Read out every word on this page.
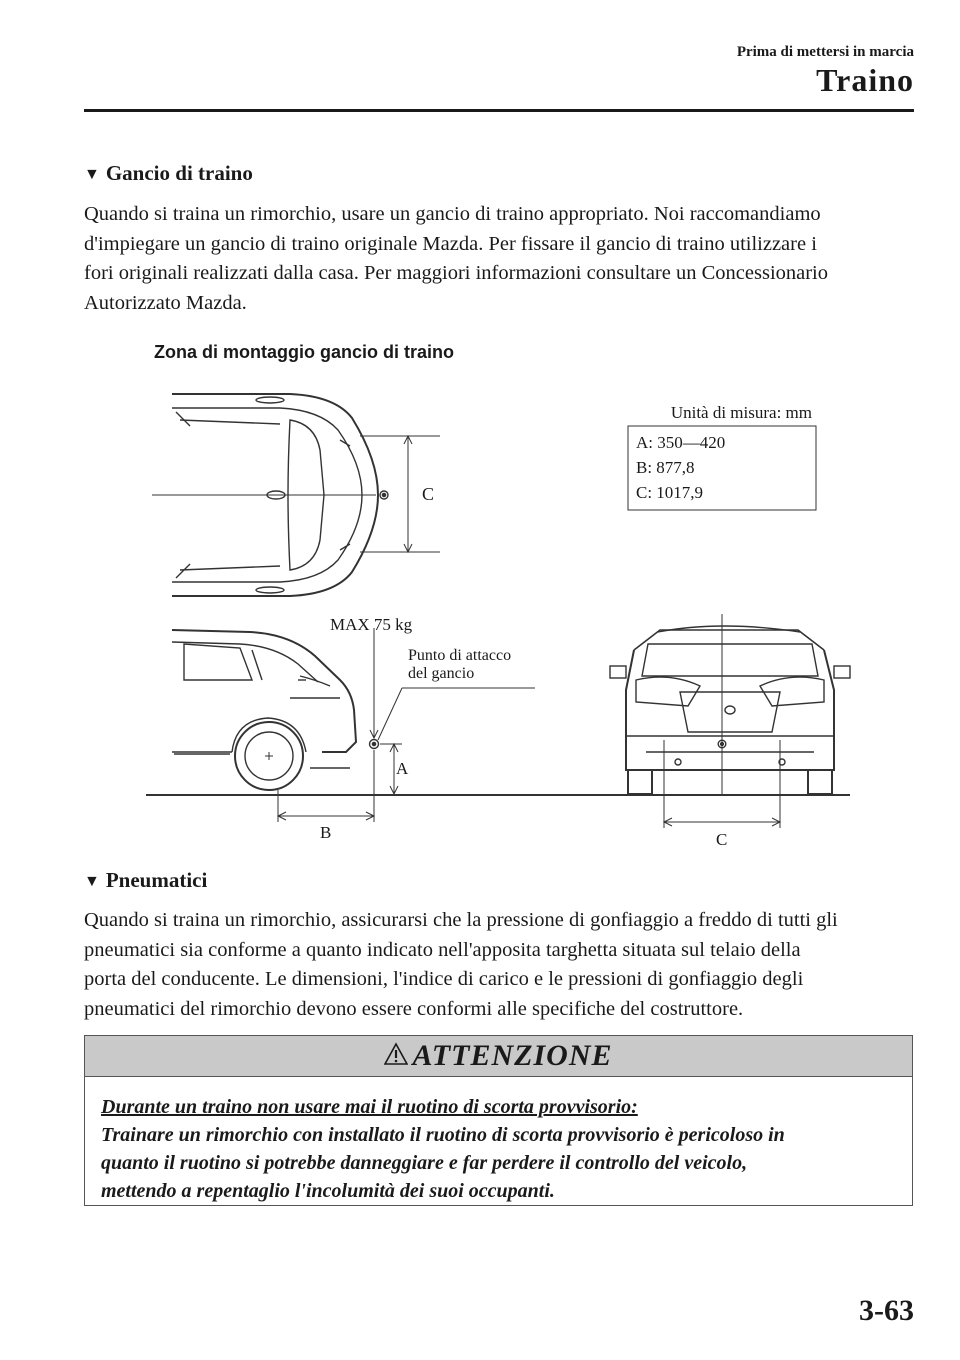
Prima di mettersi in marcia
Traino
▼ Gancio di traino
Quando si traina un rimorchio, usare un gancio di traino appropriato. Noi raccomandiamo
d'impiegare un gancio di traino originale Mazda. Per fissare il gancio di traino utilizzare i
fori originali realizzati dalla casa. Per maggiori informazioni consultare un Concessionario
Autorizzato Mazda.
Zona di montaggio gancio di traino
C
Unità di misura: mm
A: 350—420
B: 877,8
C: 1017,9
MAX 75 kg
Punto di attacco
del gancio
A
B	C
▼ Pneumatici
Quando si traina un rimorchio, assicurarsi che la pressione di gonfiaggio a freddo di tutti gli
pneumatici sia conforme a quanto indicato nell'apposita targhetta situata sul telaio della
porta del conducente. Le dimensioni, l'indice di carico e le pressioni di gonfiaggio degli
pneumatici del rimorchio devono essere conformi alle specifiche del costruttore.
ATTENZIONE
Durante un traino non usare mai il ruotino di scorta provvisorio:
Trainare un rimorchio con installato il ruotino di scorta provvisorio è pericoloso in
quanto il ruotino si potrebbe danneggiare e far perdere il controllo del veicolo,
mettendo a repentaglio l'incolumità dei suoi occupanti.
3-63
